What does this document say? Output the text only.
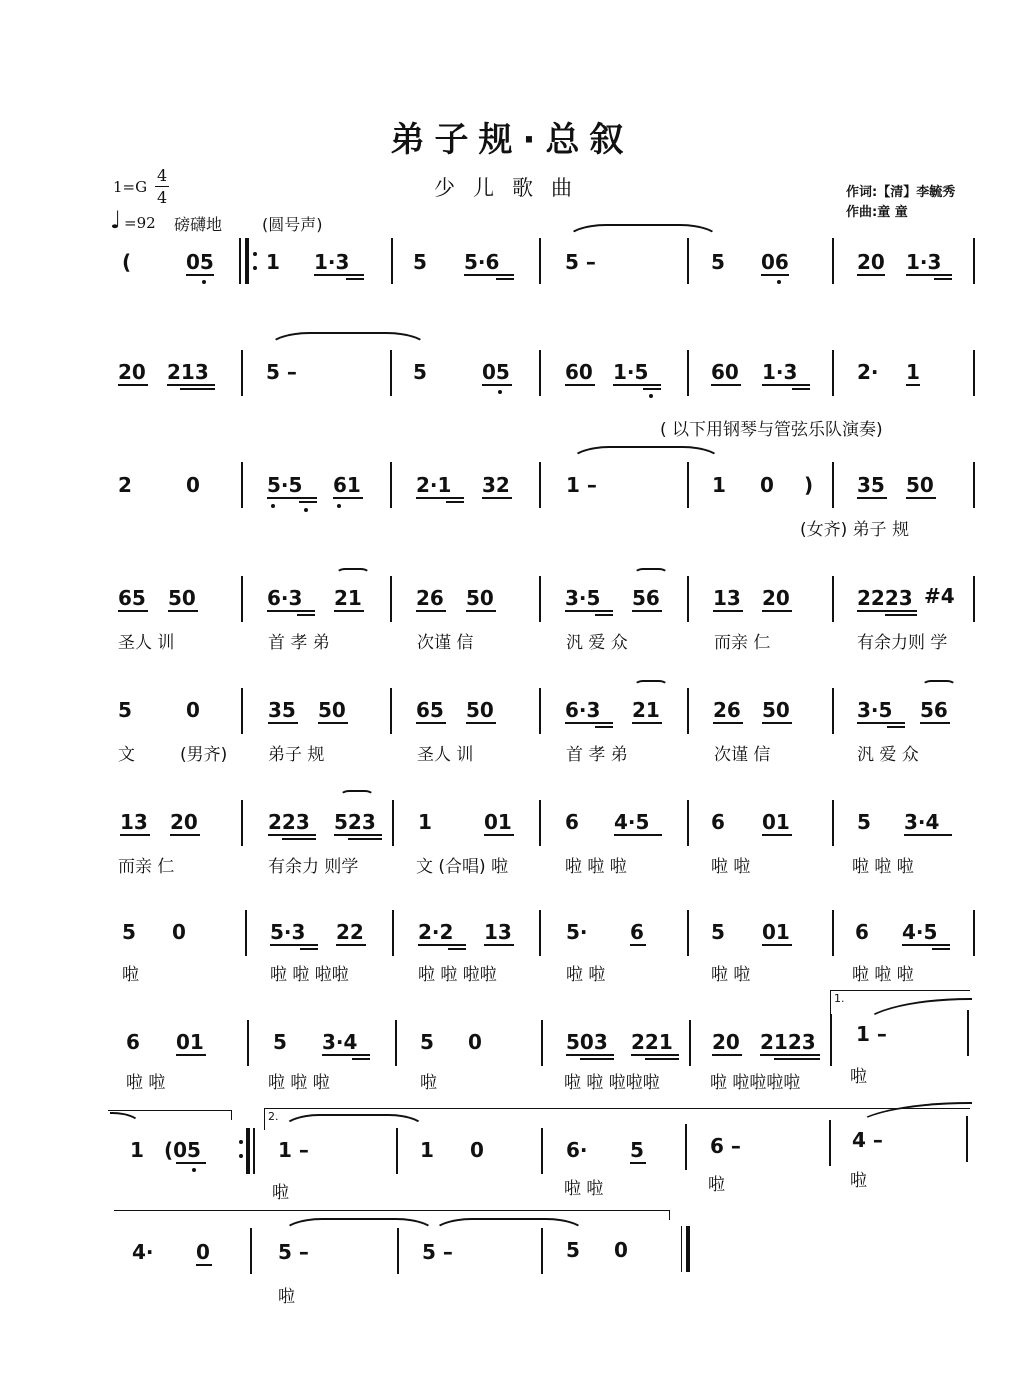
弟子规·总叙
少儿歌曲	作词:【清】李毓秀
作曲:童 童
1=G
4
4
♩ =92 磅礴地 (圆号声)
(	05	1 1·3	5 5·6	5 –	5 06	20 1·3
20 213	5 –	5	05	60 1·5	60 1·3	2· 1
( 以下用钢琴与管弦乐队演奏)
2	0	5·5 61	2·1 32	1 –	1 0 ) 35 50
(女齐) 弟子 规
65 50	6·3 21	26 50	3·5 56	13 20	2223 #4
圣人 训	首 孝 弟	次谨 信	汎 爱 众	而亲 仁	有余力则 学
5	0	35 50	65 50	6·3 21	26 50	3·5 56
文	(男齐) 弟子 规	圣人 训	首 孝 弟	次谨 信	汎 爱 众
13 20	223 523 1	01	6 4·5	6 01	5 3·4
而亲 仁	有余力 则学	文 (合唱) 啦	啦 啦 啦	啦 啦	啦 啦 啦
5 0	5·3 22	2·2 13	5· 6	5 01	6 4·5
啦	啦 啦 啦啦	啦 啦 啦啦	啦 啦	啦 啦	啦 啦 啦
6 01	5 3·4	5 0	503 221 20 2123
1.
1 –
啦 啦	啦 啦 啦	啦	啦 啦 啦啦啦	啦 啦啦啦啦	啦
1 (05
2.
1 –	1 0	6· 5	6 –	4 –
啦	啦 啦	啦	啦
4· 0	5 –	5 –	5 0
啦
